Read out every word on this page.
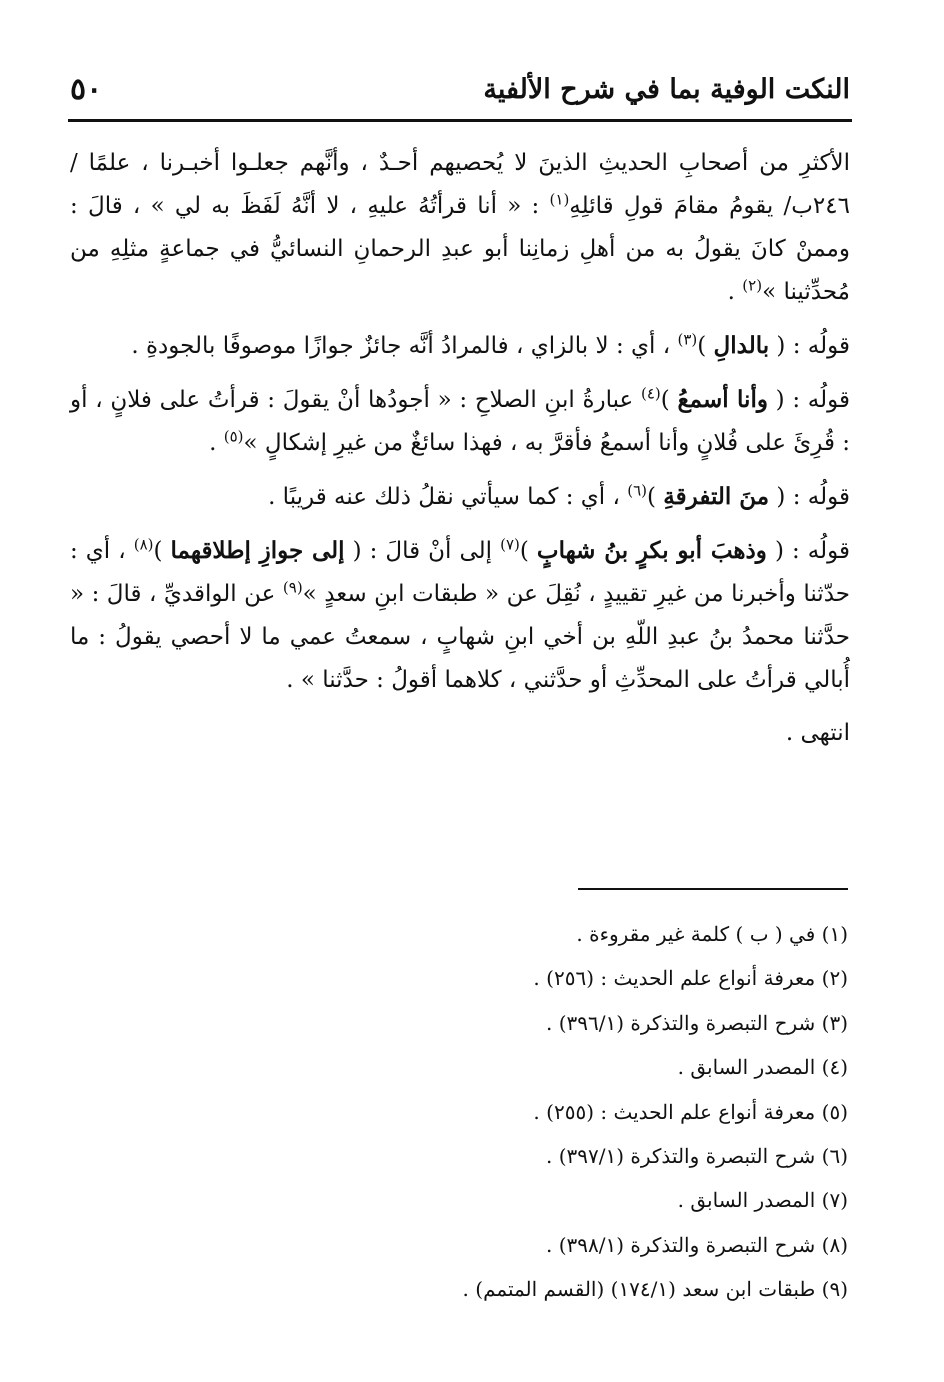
النكت الوفية بما في شرح الألفية
٥٠

الأكثرِ من أصحابِ الحديثِ الذينَ لا يُحصيهم أحـدٌ ، وأنَّهم جعلـوا أخبـرنا ، علمًا /٢٤٦ب/ يقومُ مقامَ قولِ قائلِهِ$^{(١)}$ : « أنا قرأتُهُ عليهِ ، لا أنَّهُ لَفَظَ به لي » ، قالَ : وممنْ كانَ يقولُ به من أهلِ زمانِنا أبو عبدِ الرحمانِ النسائيُّ في جماعةٍ مثلِهِ من مُحدِّثينا »$^{(٢)}$ .

قولُه : ( بالدالِ )$^{(٣)}$ ، أي : لا بالزاي ، فالمرادُ أنَّه جائزٌ جوازًا موصوفًا بالجودةِ .

قولُه : ( وأنا أسمعُ )$^{(٤)}$ عبارةُ ابنِ الصلاحِ : « أجودُها أنْ يقولَ : قرأتُ على فلانٍ ، أو : قُرِئَ على فُلانٍ وأنا أسمعُ فأقرَّ به ، فهذا سائغٌ من غيرِ إشكالٍ »$^{(٥)}$ .

قولُه : ( منَ التفرقةِ )$^{(٦)}$ ، أي : كما سيأتي نقلُ ذلك عنه قريبًا .

قولُه : ( وذهبَ أبو بكرٍ بنُ شهابٍ )$^{(٧)}$ إلى أنْ قالَ : ( إلى جوازِ إطلاقهما )$^{(٨)}$ ، أي : حدّثنا وأخبرنا من غيرِ تقييدٍ ، نُقِلَ عن « طبقات ابنِ سعدٍ »$^{(٩)}$ عن الواقديِّ ، قالَ : « حدَّثنا محمدُ بنُ عبدِ اللّهِ بن أخي ابنِ شهابٍ ، سمعتُ عمي ما لا أحصي يقولُ : ما أُبالي قرأتُ على المحدِّثِ أو حدَّثني ، كلاهما أقولُ : حدَّثنا » .

انتهى .

(١) في ( ب ) كلمة غير مقروءة .
(٢) معرفة أنواع علم الحديث : (٢٥٦) .
(٣) شرح التبصرة والتذكرة (٣٩٦/١) .
(٤) المصدر السابق .
(٥) معرفة أنواع علم الحديث : (٢٥٥) .
(٦) شرح التبصرة والتذكرة (٣٩٧/١) .
(٧) المصدر السابق .
(٨) شرح التبصرة والتذكرة (٣٩٨/١) .
(٩) طبقات ابن سعد (١٧٤/١) (القسم المتمم) .
